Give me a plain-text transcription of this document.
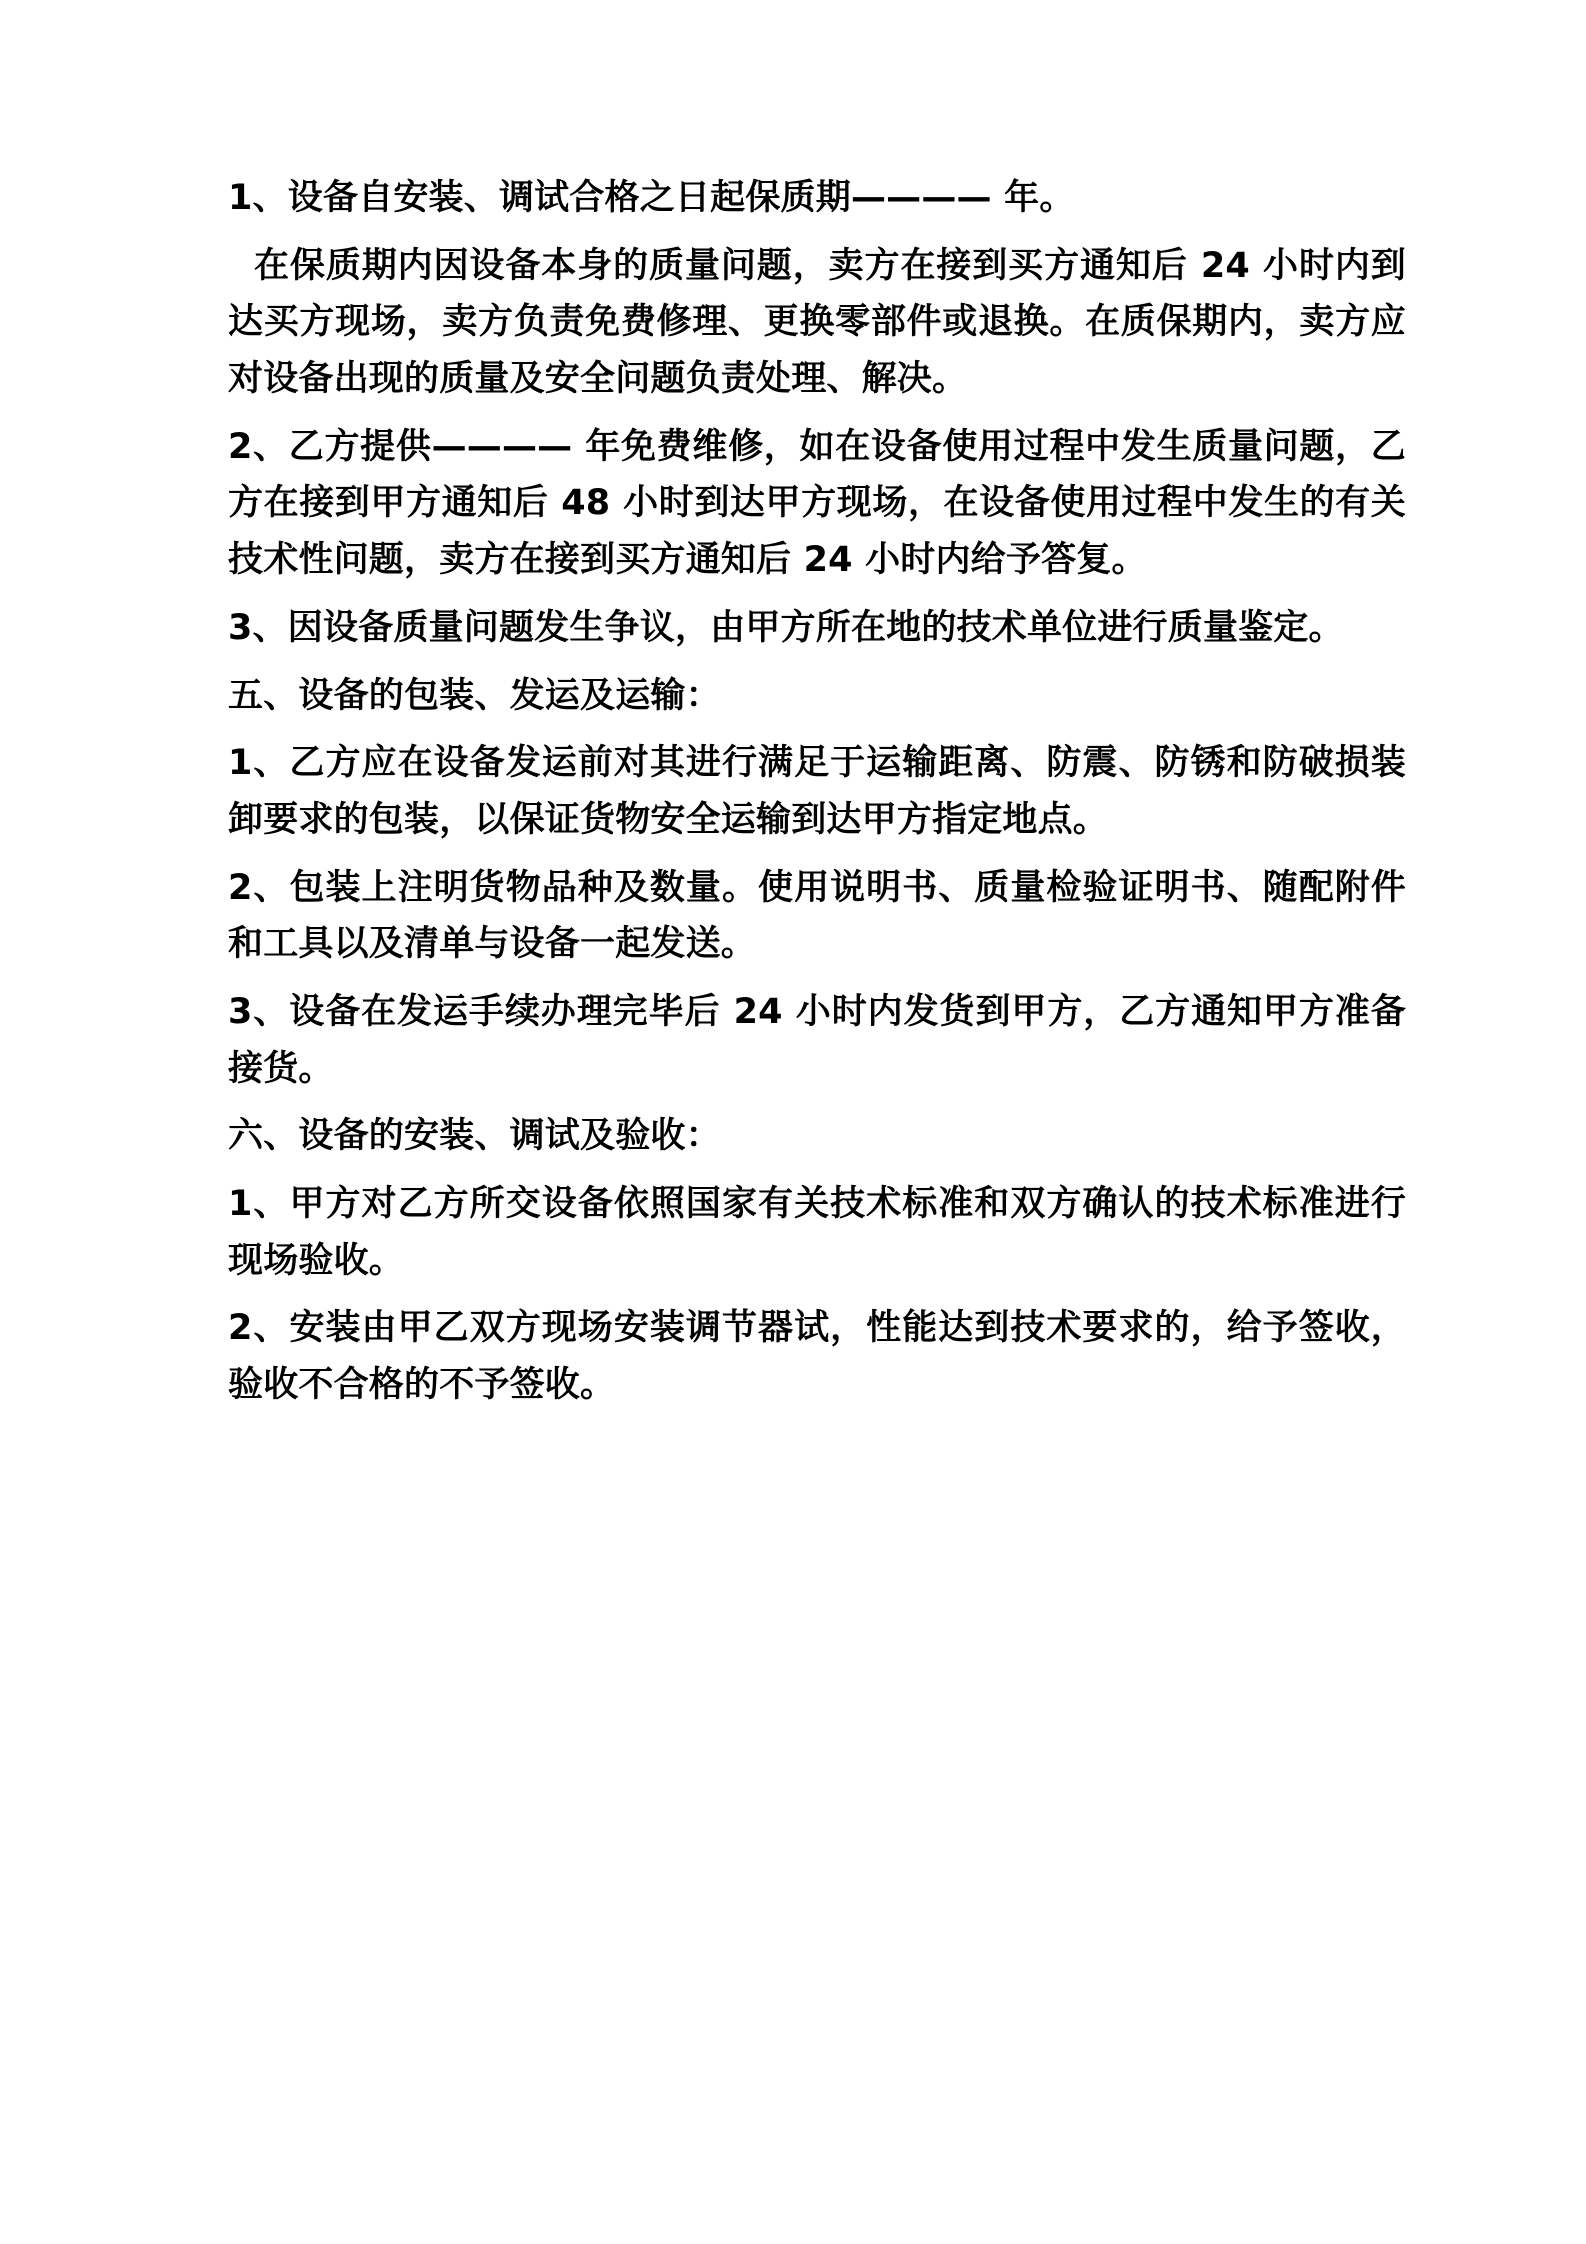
1、设备自安装、调试合格之日起保质期———— 年。

在保质期内因设备本身的质量问题，卖方在接到买方通知后 24 小时内到达买方现场，卖方负责免费修理、更换零部件或退换。在质保期内，卖方应对设备出现的质量及安全问题负责处理、解决。

2、乙方提供———— 年免费维修，如在设备使用过程中发生质量问题，乙方在接到甲方通知后 48 小时到达甲方现场，在设备使用过程中发生的有关技术性问题，卖方在接到买方通知后 24 小时内给予答复。

3、因设备质量问题发生争议，由甲方所在地的技术单位进行质量鉴定。

五、设备的包装、发运及运输：

1、乙方应在设备发运前对其进行满足于运输距离、防震、防锈和防破损装卸要求的包装，以保证货物安全运输到达甲方指定地点。

2、包装上注明货物品种及数量。使用说明书、质量检验证明书、随配附件和工具以及清单与设备一起发送。

3、设备在发运手续办理完毕后 24 小时内发货到甲方，乙方通知甲方准备接货。

六、设备的安装、调试及验收：

1、甲方对乙方所交设备依照国家有关技术标准和双方确认的技术标准进行现场验收。

2、安装由甲乙双方现场安装调节器试，性能达到技术要求的，给予签收，验收不合格的不予签收。
